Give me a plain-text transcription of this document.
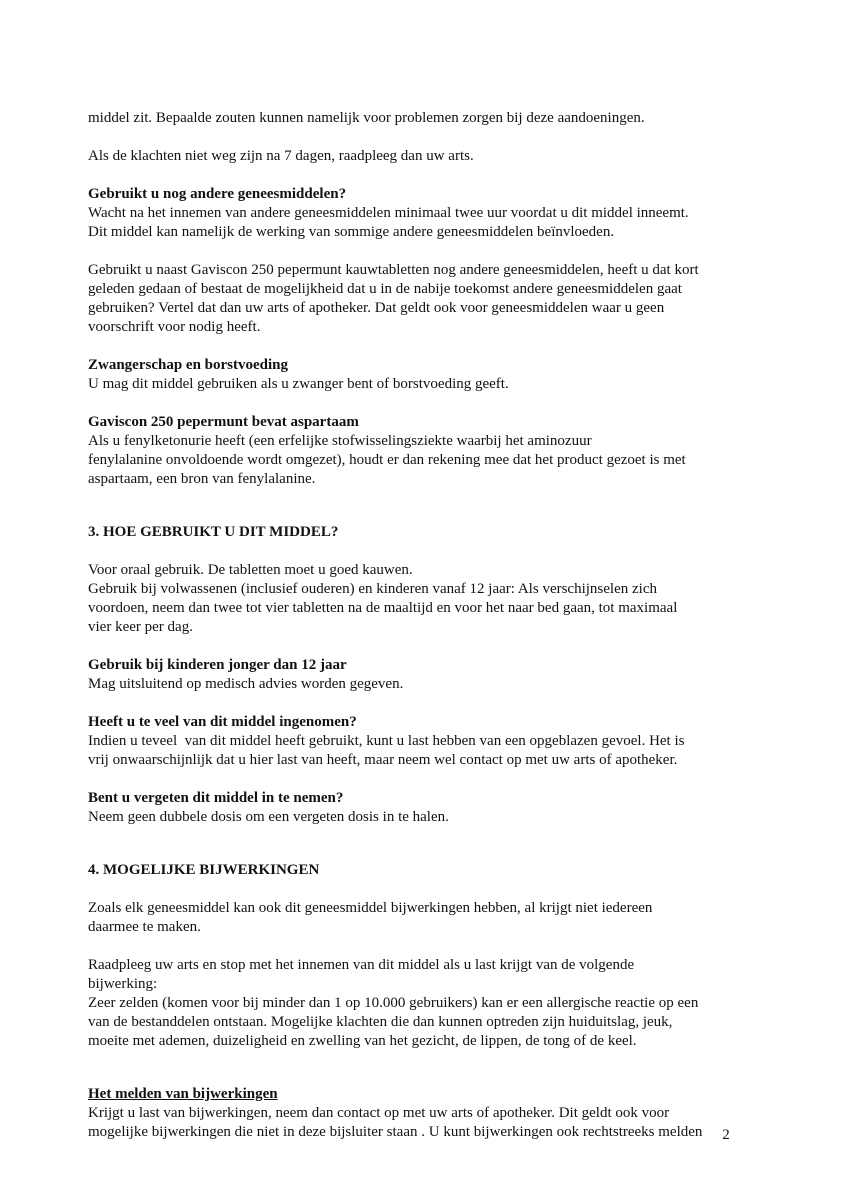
middel zit. Bepaalde zouten kunnen namelijk voor problemen zorgen bij deze aandoeningen.
Als de klachten niet weg zijn na 7 dagen, raadpleeg dan uw arts.
Gebruikt u nog andere geneesmiddelen?
Wacht na het innemen van andere geneesmiddelen minimaal twee uur voordat u dit middel inneemt.
Dit middel kan namelijk de werking van sommige andere geneesmiddelen beïnvloeden.
Gebruikt u naast Gaviscon 250 pepermunt kauwtabletten nog andere geneesmiddelen, heeft u dat kort
geleden gedaan of bestaat de mogelijkheid dat u in de nabije toekomst andere geneesmiddelen gaat
gebruiken? Vertel dat dan uw arts of apotheker. Dat geldt ook voor geneesmiddelen waar u geen
voorschrift voor nodig heeft.
Zwangerschap en borstvoeding
U mag dit middel gebruiken als u zwanger bent of borstvoeding geeft.
Gaviscon 250 pepermunt bevat aspartaam
Als u fenylketonurie heeft (een erfelijke stofwisselingsziekte waarbij het aminozuur
fenylalanine onvoldoende wordt omgezet), houdt er dan rekening mee dat het product gezoet is met
aspartaam, een bron van fenylalanine.
3. HOE GEBRUIKT U DIT MIDDEL?
Voor oraal gebruik. De tabletten moet u goed kauwen.
Gebruik bij volwassenen (inclusief ouderen) en kinderen vanaf 12 jaar: Als verschijnselen zich
voordoen, neem dan twee tot vier tabletten na de maaltijd en voor het naar bed gaan, tot maximaal
vier keer per dag.
Gebruik bij kinderen jonger dan 12 jaar
Mag uitsluitend op medisch advies worden gegeven.
Heeft u te veel van dit middel ingenomen?
Indien u teveel  van dit middel heeft gebruikt, kunt u last hebben van een opgeblazen gevoel. Het is
vrij onwaarschijnlijk dat u hier last van heeft, maar neem wel contact op met uw arts of apotheker.
Bent u vergeten dit middel in te nemen?
Neem geen dubbele dosis om een vergeten dosis in te halen.
4. MOGELIJKE BIJWERKINGEN
Zoals elk geneesmiddel kan ook dit geneesmiddel bijwerkingen hebben, al krijgt niet iedereen
daarmee te maken.
Raadpleeg uw arts en stop met het innemen van dit middel als u last krijgt van de volgende
bijwerking:
Zeer zelden (komen voor bij minder dan 1 op 10.000 gebruikers) kan er een allergische reactie op een
van de bestanddelen ontstaan. Mogelijke klachten die dan kunnen optreden zijn huiduitslag, jeuk,
moeite met ademen, duizeligheid en zwelling van het gezicht, de lippen, de tong of de keel.
Het melden van bijwerkingen
Krijgt u last van bijwerkingen, neem dan contact op met uw arts of apotheker. Dit geldt ook voor
mogelijke bijwerkingen die niet in deze bijsluiter staan . U kunt bijwerkingen ook rechtstreeks melden	2
